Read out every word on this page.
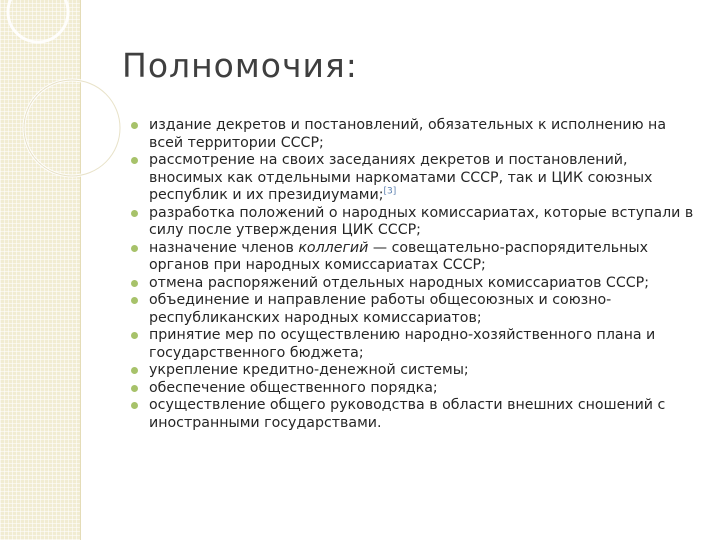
Полномочия:
издание декретов и постановлений, обязательных к исполнению на всей территории СССР;
рассмотрение на своих заседаниях декретов и постановлений, вносимых как отдельными наркоматами СССР, так и ЦИК союзных республик и их президиумами;[3]
разработка положений о народных комиссариатах, которые вступали в силу после утверждения ЦИК СССР;
назначение членов коллегий — совещательно-распорядительных органов при народных комиссариатах СССР;
отмена распоряжений отдельных народных комиссариатов СССР;
объединение и направление работы общесоюзных и союзно-республиканских народных комиссариатов;
принятие мер по осуществлению народно-хозяйственного плана и государственного бюджета;
укрепление кредитно-денежной системы;
обеспечение общественного порядка;
осуществление общего руководства в области внешних сношений с иностранными государствами.
